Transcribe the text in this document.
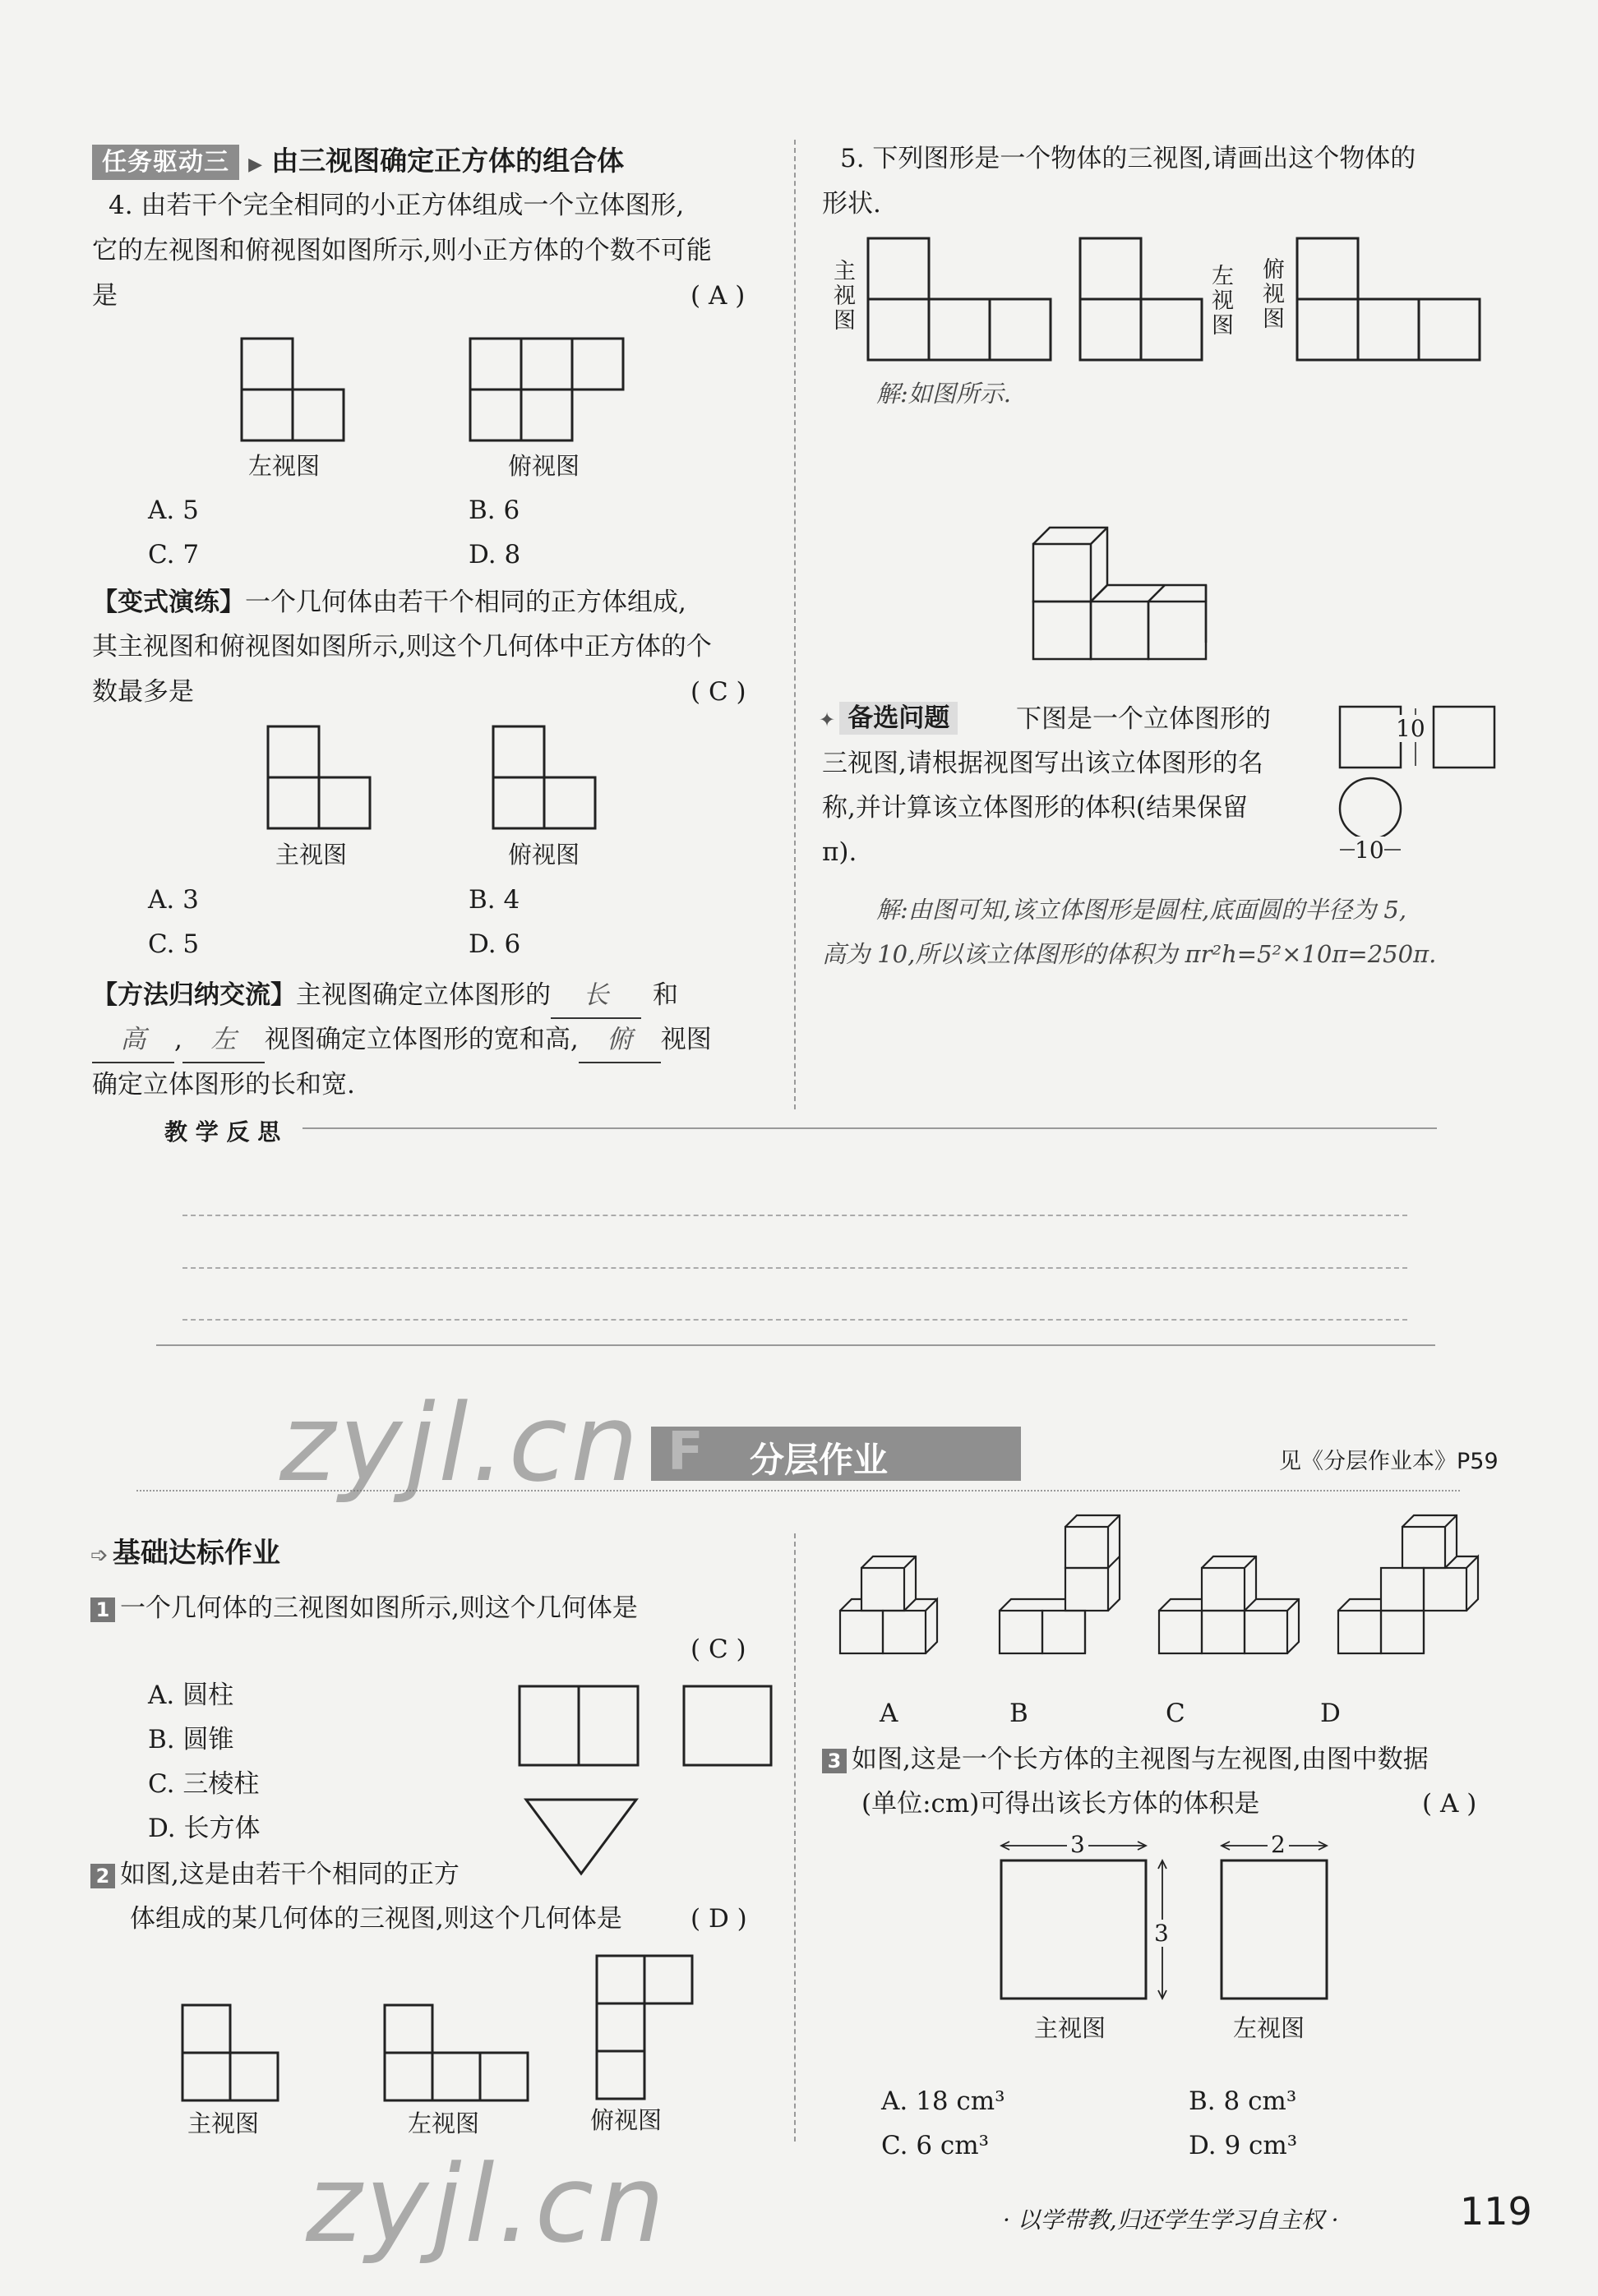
任务驱动三 ▶ 由三视图确定正方体的组合体
4. 由若干个完全相同的小正方体组成一个立体图形,
它的左视图和俯视图如图所示,则小正方体的个数不可能
是	( A )
左视图	俯视图
A. 5	B. 6
C. 7	D. 8
【变式演练】一个几何体由若干个相同的正方体组成,
其主视图和俯视图如图所示,则这个几何体中正方体的个
数最多是	( C )
主视图	俯视图
A. 3	B. 4
C. 5	D. 6
【方法归纳交流】主视图确定立体图形的 长 和
高 , 左 视图确定立体图形的宽和高, 俯 视图
确定立体图形的长和宽.
5. 下列图形是一个物体的三视图,请画出这个物体的
形状.
主视图
左视图
俯视图
解:如图所示.
✦ 备选问题	下图是一个立体图形的
三视图,请根据视图写出该立体图形的名
称,并计算该立体图形的体积(结果保留
π).
10
10
解:由图可知,该立体图形是圆柱,底面圆的半径为 5,
高为 10,所以该立体图形的体积为 πr²h=5²×10π=250π.
教 学 反 思
F 分层作业	见《分层作业本》P59
➩ 基础达标作业
1 一个几何体的三视图如图所示,则这个几何体是
( C )
A. 圆柱
B. 圆锥
C. 三棱柱
D. 长方体
2 如图,这是由若干个相同的正方
体组成的某几何体的三视图,则这个几何体是	( D )
主视图	左视图	俯视图
A	B	C	D
3 如图,这是一个长方体的主视图与左视图,由图中数据
(单位:cm)可得出该长方体的体积是	( A )
3
3
2
主视图	左视图
A. 18 cm³	B. 8 cm³
C. 6 cm³	D. 9 cm³
· 以学带教,归还学生学习自主权 ·	119
zyjl.cn
zyjl.cn
